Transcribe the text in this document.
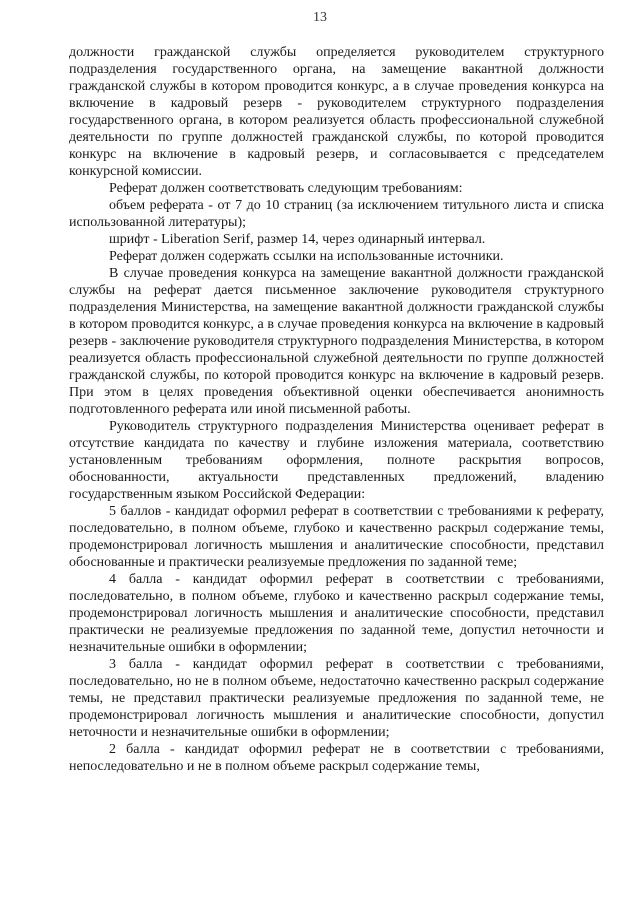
13

должности гражданской службы определяется руководителем структурного подразделения государственного органа, на замещение вакантной должности гражданской службы в котором проводится конкурс, а в случае проведения конкурса на включение в кадровый резерв - руководителем структурного подразделения государственного органа, в котором реализуется область профессиональной служебной деятельности по группе должностей гражданской службы, по которой проводится конкурс на включение в кадровый резерв, и согласовывается с председателем конкурсной комиссии.

Реферат должен соответствовать следующим требованиям:

объем реферата - от 7 до 10 страниц (за исключением титульного листа и списка использованной литературы);

шрифт - Liberation Serif, размер 14, через одинарный интервал.

Реферат должен содержать ссылки на использованные источники.

В случае проведения конкурса на замещение вакантной должности гражданской службы на реферат дается письменное заключение руководителя структурного подразделения Министерства, на замещение вакантной должности гражданской службы в котором проводится конкурс, а в случае проведения конкурса на включение в кадровый резерв - заключение руководителя структурного подразделения Министерства, в котором реализуется область профессиональной служебной деятельности по группе должностей гражданской службы, по которой проводится конкурс на включение в кадровый резерв. При этом в целях проведения объективной оценки обеспечивается анонимность подготовленного реферата или иной письменной работы.

Руководитель структурного подразделения Министерства оценивает реферат в отсутствие кандидата по качеству и глубине изложения материала, соответствию установленным требованиям оформления, полноте раскрытия вопросов, обоснованности, актуальности представленных предложений, владению государственным языком Российской Федерации:

5 баллов - кандидат оформил реферат в соответствии с требованиями к реферату, последовательно, в полном объеме, глубоко и качественно раскрыл содержание темы, продемонстрировал логичность мышления и аналитические способности, представил обоснованные и практически реализуемые предложения по заданной теме;

4 балла - кандидат оформил реферат в соответствии с требованиями, последовательно, в полном объеме, глубоко и качественно раскрыл содержание темы, продемонстрировал логичность мышления и аналитические способности, представил практически не реализуемые предложения по заданной теме, допустил неточности и незначительные ошибки в оформлении;

3 балла - кандидат оформил реферат в соответствии с требованиями, последовательно, но не в полном объеме, недостаточно качественно раскрыл содержание темы, не представил практически реализуемые предложения по заданной теме, не продемонстрировал логичность мышления и аналитические способности, допустил неточности и незначительные ошибки в оформлении;

2 балла - кандидат оформил реферат не в соответствии с требованиями, непоследовательно и не в полном объеме раскрыл содержание темы,
